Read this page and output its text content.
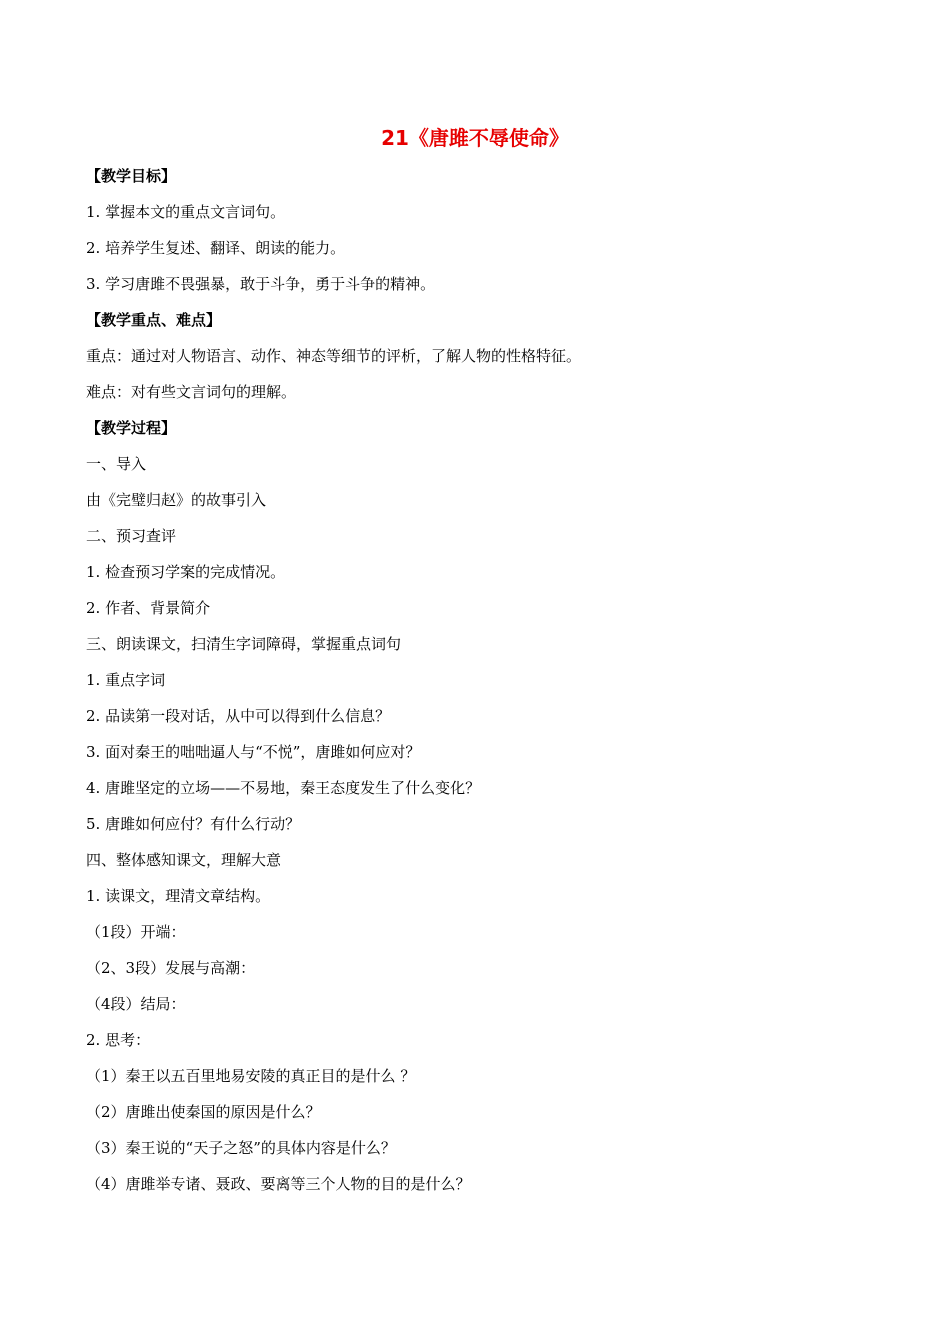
21《唐雎不辱使命》
【教学目标】
1. 掌握本文的重点文言词句。
2. 培养学生复述、翻译、朗读的能力。
3. 学习唐雎不畏强暴，敢于斗争，勇于斗争的精神。
【教学重点、难点】
重点：通过对人物语言、动作、神态等细节的评析，了解人物的性格特征。
难点：对有些文言词句的理解。
【教学过程】
一、导入
由《完璧归赵》的故事引入
二、预习查评
1. 检查预习学案的完成情况。
2. 作者、背景简介
三、朗读课文，扫清生字词障碍，掌握重点词句
1. 重点字词
2. 品读第一段对话，从中可以得到什么信息？
3. 面对秦王的咄咄逼人与“不悦”，唐雎如何应对？
4. 唐雎坚定的立场——不易地，秦王态度发生了什么变化？
5. 唐雎如何应付？有什么行动？
四、整体感知课文，理解大意
1. 读课文，理清文章结构。
（1段）开端：
（2、3段）发展与高潮：
（4段）结局：
2. 思考：
（1）秦王以五百里地易安陵的真正目的是什么 ？
（2）唐雎出使秦国的原因是什么？
（3）秦王说的“天子之怒”的具体内容是什么？
（4）唐雎举专诸、聂政、要离等三个人物的目的是什么？
